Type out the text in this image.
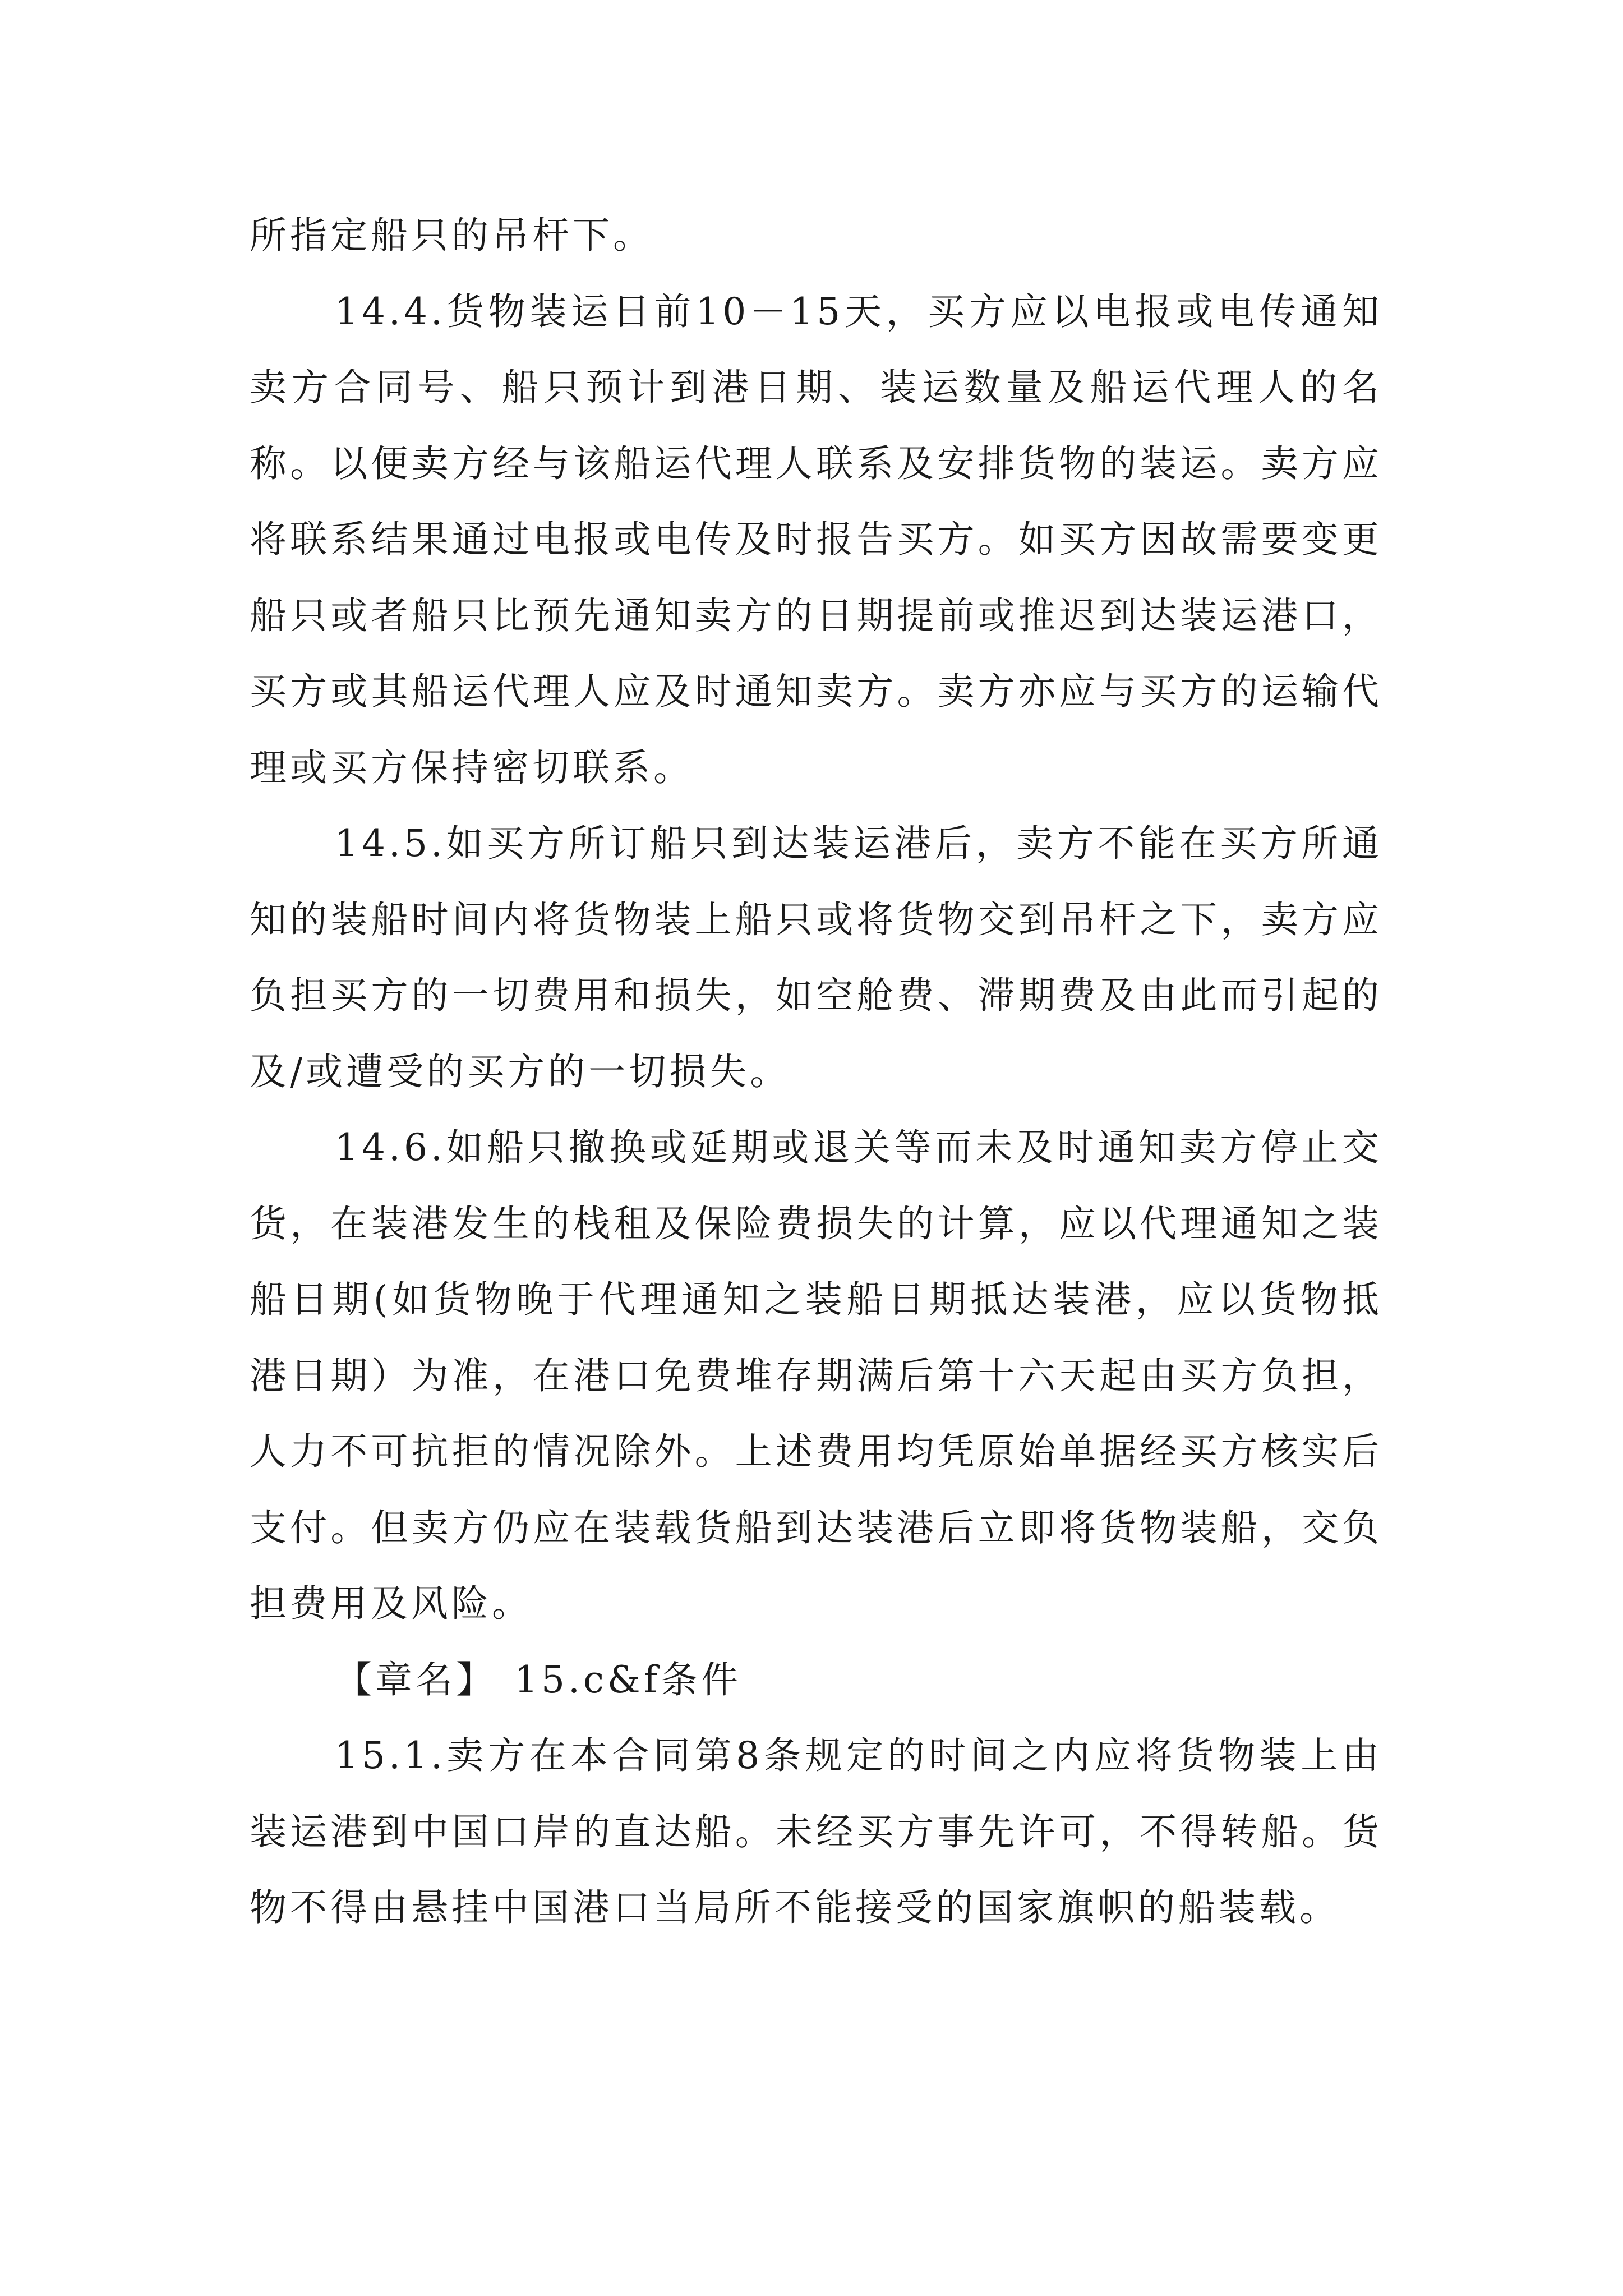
所指定船只的吊杆下。

14.4.货物装运日前10－15天，买方应以电报或电传通知卖方合同号、船只预计到港日期、装运数量及船运代理人的名称。以便卖方经与该船运代理人联系及安排货物的装运。卖方应将联系结果通过电报或电传及时报告买方。如买方因故需要变更船只或者船只比预先通知卖方的日期提前或推迟到达装运港口，买方或其船运代理人应及时通知卖方。卖方亦应与买方的运输代理或买方保持密切联系。

14.5.如买方所订船只到达装运港后，卖方不能在买方所通知的装船时间内将货物装上船只或将货物交到吊杆之下，卖方应负担买方的一切费用和损失，如空舱费、滞期费及由此而引起的及/或遭受的买方的一切损失。

14.6.如船只撤换或延期或退关等而未及时通知卖方停止交货，在装港发生的栈租及保险费损失的计算，应以代理通知之装船日期(如货物晚于代理通知之装船日期抵达装港，应以货物抵港日期）为准，在港口免费堆存期满后第十六天起由买方负担，人力不可抗拒的情况除外。上述费用均凭原始单据经买方核实后支付。但卖方仍应在装载货船到达装港后立即将货物装船，交负担费用及风险。

【章名】 15.c&f条件

15.1.卖方在本合同第8条规定的时间之内应将货物装上由装运港到中国口岸的直达船。未经买方事先许可，不得转船。货物不得由悬挂中国港口当局所不能接受的国家旗帜的船装载。
